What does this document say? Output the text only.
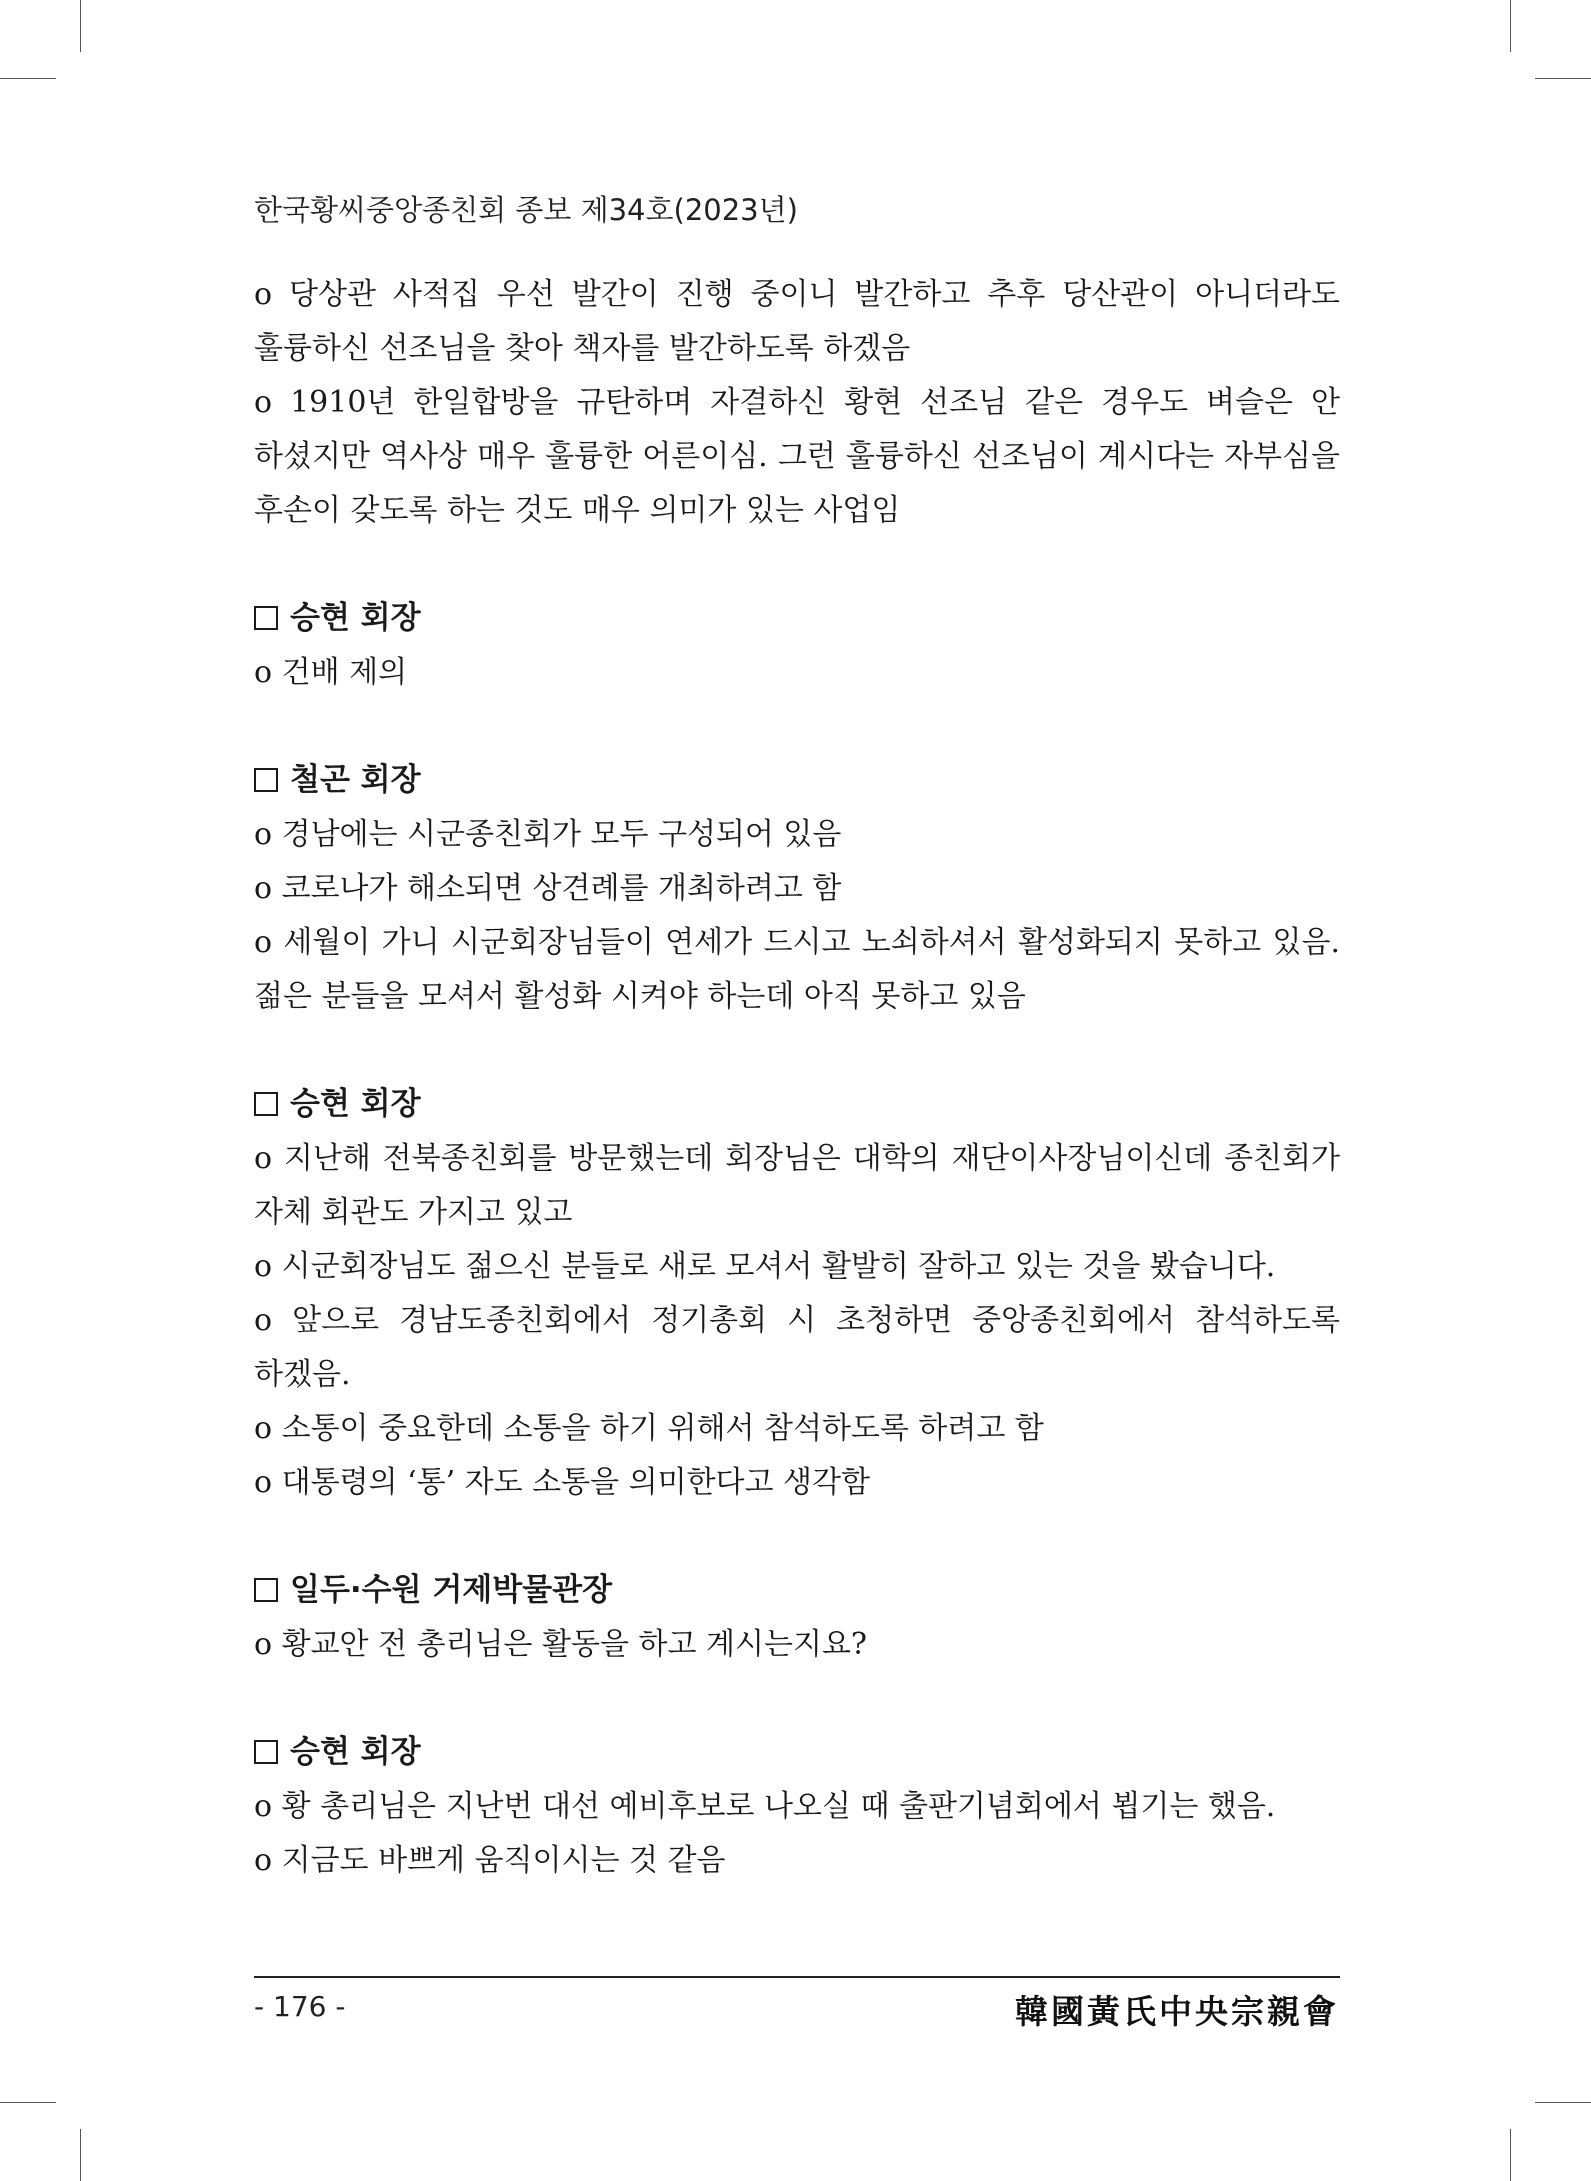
한국황씨중앙종친회 종보 제34호(2023년)

o 당상관 사적집 우선 발간이 진행 중이니 발간하고 추후 당산관이 아니더라도 훌륭하신 선조님을 찾아 책자를 발간하도록 하겠음

o 1910년 한일합방을 규탄하며 자결하신 황현 선조님 같은 경우도 벼슬은 안 하셨지만 역사상 매우 훌륭한 어른이심. 그런 훌륭하신 선조님이 계시다는 자부심을 후손이 갖도록 하는 것도 매우 의미가 있는 사업임

승현 회장

o 건배 제의

철곤 회장

o 경남에는 시군종친회가 모두 구성되어 있음

o 코로나가 해소되면 상견례를 개최하려고 함

o 세월이 가니 시군회장님들이 연세가 드시고 노쇠하셔서 활성화되지 못하고 있음. 젊은 분들을 모셔서 활성화 시켜야 하는데 아직 못하고 있음

승현 회장

o 지난해 전북종친회를 방문했는데 회장님은 대학의 재단이사장님이신데 종친회가 자체 회관도 가지고 있고

o 시군회장님도 젊으신 분들로 새로 모셔서 활발히 잘하고 있는 것을 봤습니다.

o 앞으로 경남도종친회에서 정기총회 시 초청하면 중앙종친회에서 참석하도록 하겠음.

o 소통이 중요한데 소통을 하기 위해서 참석하도록 하려고 함

o 대통령의 ‘통’ 자도 소통을 의미한다고 생각함

일두·수원 거제박물관장

o 황교안 전 총리님은 활동을 하고 계시는지요?

승현 회장

o 황 총리님은 지난번 대선 예비후보로 나오실 때 출판기념회에서 뵙기는 했음.

o 지금도 바쁘게 움직이시는 것 같음

- 176 -	韓國黃氏中央宗親會
